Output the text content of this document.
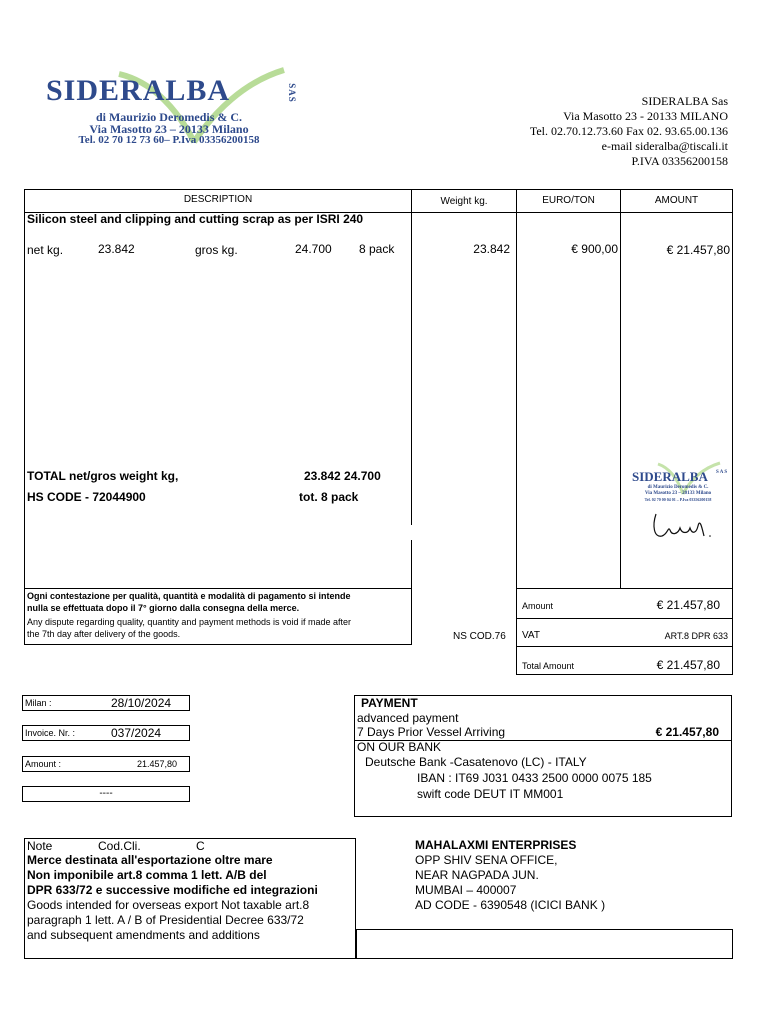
SIDERALBA	SAS
di Maurizio Deromedis & C.
Via Masotto 23 – 20133 Milano
Tel. 02 70 12 73 60– P.Iva 03356200158
SIDERALBA Sas
Via Masotto 23 - 20133 MILANO
Tel. 02.70.12.73.60 Fax 02. 93.65.00.136
e-mail sideralba@tiscali.it
P.IVA 03356200158
DESCRIPTION	Weight kg.	EURO/TON	AMOUNT
Silicon steel and clipping and cutting scrap as per ISRI 240
net kg.	23.842	gros kg.	24.700 8 pack	23.842	€ 900,00	€ 21.457,80
TOTAL net/gros weight kg,	23.842 24.700
HS CODE - 72044900	tot. 8 pack
SIDERALBA SAS
di Maurizio Deromedis & C.
Via Masotto 23 – 20133 Milano
Tel. 02 70 00 04 01 – P.Iva 03356200158
Ogni contestazione per qualità, quantità e modalità di pagamento si intende
nulla se effettuata dopo il 7° giorno dalla consegna della merce.
Any dispute regarding quality, quantity and payment methods is void if made after
the 7th day after delivery of the goods.	NS COD.76
Amount	€ 21.457,80
VAT	ART.8 DPR 633
Total Amount	€ 21.457,80
Milan :	28/10/2024
Invoice. Nr. :	037/2024
Amount :	21.457,80
----
PAYMENT
advanced payment
7 Days Prior Vessel Arriving	€ 21.457,80
ON OUR BANK
Deutsche Bank -Casatenovo (LC) - ITALY
IBAN : IT69 J031 0433 2500 0000 0075 185
swift code DEUT IT MM001
Note	Cod.Cli.	C
Merce destinata all'esportazione oltre mare
Non imponibile art.8 comma 1 lett. A/B del
DPR 633/72 e successive modifiche ed integrazioni
Goods intended for overseas export Not taxable art.8
paragraph 1 lett. A / B of Presidential Decree 633/72
and subsequent amendments and additions
MAHALAXMI ENTERPRISES
OPP SHIV SENA OFFICE,
NEAR NAGPADA JUN.
MUMBAI – 400007
AD CODE - 6390548 (ICICI BANK )
